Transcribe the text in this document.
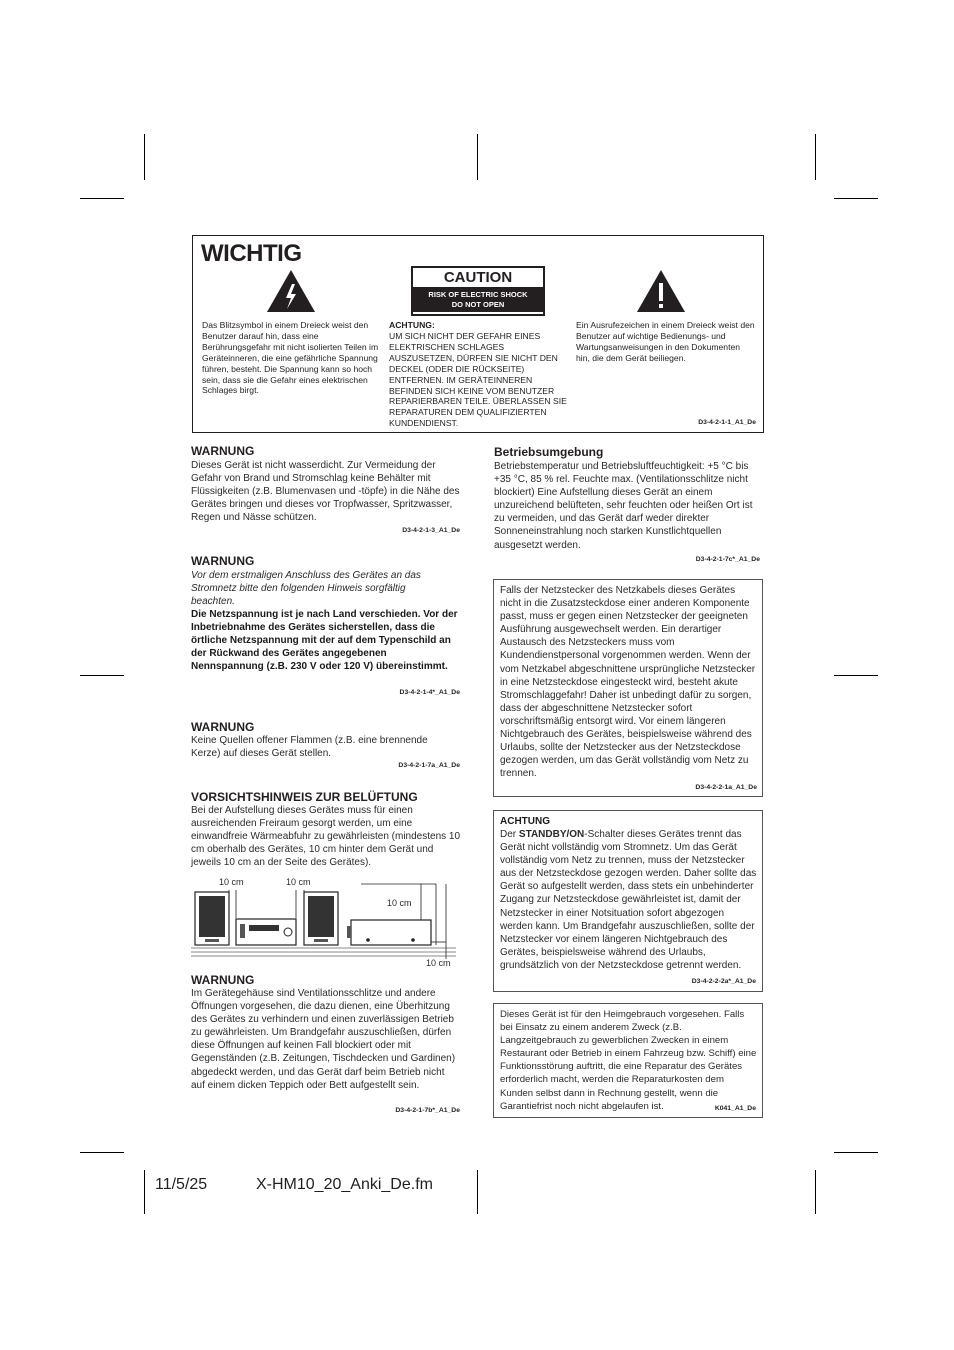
WICHTIG
CAUTION
RISK OF ELECTRIC SHOCK
DO NOT OPEN
Das Blitzsymbol in einem Dreieck weist den Benutzer darauf hin, dass eine Berührungsgefahr mit nicht isolierten Teilen im Geräteinneren, die eine gefährliche Spannung führen, besteht. Die Spannung kann so hoch sein, dass sie die Gefahr eines elektrischen Schlages birgt.
ACHTUNG:
UM SICH NICHT DER GEFAHR EINES ELEKTRISCHEN SCHLAGES AUSZUSETZEN, DÜRFEN SIE NICHT DEN DECKEL (ODER DIE RÜCKSEITE) ENTFERNEN. IM GERÄTEINNEREN BEFINDEN SICH KEINE VOM BENUTZER REPARIERBAREN TEILE. ÜBERLASSEN SIE REPARATUREN DEM QUALIFIZIERTEN KUNDENDIENST.
Ein Ausrufezeichen in einem Dreieck weist den Benutzer auf wichtige Bedienungs- und Wartungsanweisungen in den Dokumenten hin, die dem Gerät beiliegen.
D3-4-2-1-1_A1_De
WARNUNG
Dieses Gerät ist nicht wasserdicht. Zur Vermeidung der Gefahr von Brand und Stromschlag keine Behälter mit Flüssigkeiten (z.B. Blumenvasen und -töpfe) in die Nähe des Gerätes bringen und dieses vor Tropfwasser, Spritzwasser, Regen und Nässe schützen.
D3-4-2-1-3_A1_De
WARNUNG
Vor dem erstmaligen Anschluss des Gerätes an das Stromnetz bitte den folgenden Hinweis sorgfältig beachten.
Die Netzspannung ist je nach Land verschieden. Vor der Inbetriebnahme des Gerätes sicherstellen, dass die örtliche Netzspannung mit der auf dem Typenschild an der Rückwand des Gerätes angegebenen Nennspannung (z.B. 230 V oder 120 V) übereinstimmt.
D3-4-2-1-4*_A1_De
WARNUNG
Keine Quellen offener Flammen (z.B. eine brennende Kerze) auf dieses Gerät stellen.
D3-4-2-1-7a_A1_De
VORSICHTSHINWEIS ZUR BELÜFTUNG
Bei der Aufstellung dieses Gerätes muss für einen ausreichenden Freiraum gesorgt werden, um eine einwandfreie Wärmeabfuhr zu gewährleisten (mindestens 10 cm oberhalb des Gerätes, 10 cm hinter dem Gerät und jeweils 10 cm an der Seite des Gerätes).
10 cm	10 cm
10 cm
10 cm
WARNUNG
Im Gerätegehäuse sind Ventilationsschlitze und andere Öffnungen vorgesehen, die dazu dienen, eine Überhitzung des Gerätes zu verhindern und einen zuverlässigen Betrieb zu gewährleisten. Um Brandgefahr auszuschließen, dürfen diese Öffnungen auf keinen Fall blockiert oder mit Gegenständen (z.B. Zeitungen, Tischdecken und Gardinen) abgedeckt werden, und das Gerät darf beim Betrieb nicht auf einem dicken Teppich oder Bett aufgestellt sein.
D3-4-2-1-7b*_A1_De
Betriebsumgebung
Betriebstemperatur und Betriebsluftfeuchtigkeit: +5 °C bis +35 °C, 85 % rel. Feuchte max. (Ventilationsschlitze nicht blockiert) Eine Aufstellung dieses Gerät an einem unzureichend belüfteten, sehr feuchten oder heißen Ort ist zu vermeiden, und das Gerät darf weder direkter Sonneneinstrahlung noch starken Kunstlichtquellen ausgesetzt werden.
D3-4-2-1-7c*_A1_De
Falls der Netzstecker des Netzkabels dieses Gerätes nicht in die Zusatzsteckdose einer anderen Komponente passt, muss er gegen einen Netzstecker der geeigneten Ausführung ausgewechselt werden. Ein derartiger Austausch des Netzsteckers muss vom Kundendienstpersonal vorgenommen werden. Wenn der vom Netzkabel abgeschnittene ursprüngliche Netzstecker in eine Netzsteckdose eingesteckt wird, besteht akute Stromschlaggefahr! Daher ist unbedingt dafür zu sorgen, dass der abgeschnittene Netzstecker sofort vorschriftsmäßig entsorgt wird. Vor einem längeren Nichtgebrauch des Gerätes, beispielsweise während des Urlaubs, sollte der Netzstecker aus der Netzsteckdose gezogen werden, um das Gerät vollständig vom Netz zu trennen.
D3-4-2-2-1a_A1_De
ACHTUNG
Der STANDBY/ON-Schalter dieses Gerätes trennt das Gerät nicht vollständig vom Stromnetz. Um das Gerät vollständig vom Netz zu trennen, muss der Netzstecker aus der Netzsteckdose gezogen werden. Daher sollte das Gerät so aufgestellt werden, dass stets ein unbehinderter Zugang zur Netzsteckdose gewährleistet ist, damit der Netzstecker in einer Notsituation sofort abgezogen werden kann. Um Brandgefahr auszuschließen, sollte der Netzstecker vor einem längeren Nichtgebrauch des Gerätes, beispielsweise während des Urlaubs, grundsätzlich von der Netzsteckdose getrennt werden.
D3-4-2-2-2a*_A1_De
Dieses Gerät ist für den Heimgebrauch vorgesehen. Falls bei Einsatz zu einem anderem Zweck (z.B. Langzeitgebrauch zu gewerblichen Zwecken in einem Restaurant oder Betrieb in einem Fahrzeug bzw. Schiff) eine Funktionsstörung auftritt, die eine Reparatur des Gerätes erforderlich macht, werden die Reparaturkosten dem Kunden selbst dann in Rechnung gestellt, wenn die Garantiefrist noch nicht abgelaufen ist.	K041_A1_De
11/5/25	X-HM10_20_Anki_De.fm
